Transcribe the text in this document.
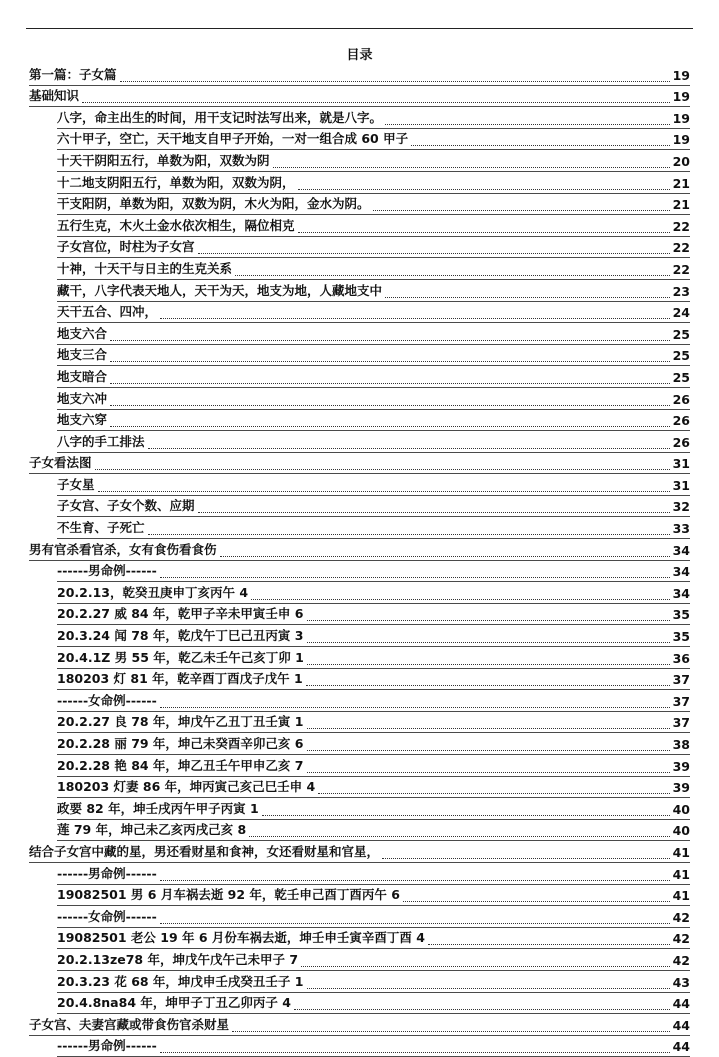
目录
第一篇：子女篇	19
基础知识	19
八字，命主出生的时间，用干支记时法写出来，就是八字。	19
六十甲子，空亡，天干地支自甲子开始，一对一组合成 60 甲子	19
十天干阴阳五行，单数为阳，双数为阴	20
十二地支阴阳五行，单数为阳，双数为阴，	21
干支阳阴，单数为阳，双数为阴，木火为阳，金水为阴。	21
五行生克，木火土金水依次相生，隔位相克	22
子女宫位，时柱为子女宫	22
十神，十天干与日主的生克关系	22
藏干，八字代表天地人，天干为天，地支为地，人藏地支中	23
天干五合、四冲，	24
地支六合	25
地支三合	25
地支暗合	25
地支六冲	26
地支六穿	26
八字的手工排法	26
子女看法图	31
子女星	31
子女宫、子女个数、应期	32
不生育、子死亡	33
男有官杀看官杀，女有食伤看食伤	34
------男命例------	34
20.2.13，乾癸丑庚申丁亥丙午 4	34
20.2.27 威 84 年，乾甲子辛未甲寅壬申 6	35
20.3.24 闻 78 年，乾戊午丁巳己丑丙寅 3	35
20.4.1Z 男 55 年，乾乙未壬午己亥丁卯 1	36
180203 灯 81 年，乾辛酉丁酉戊子戊午 1	37
------女命例------	37
20.2.27 良 78 年，坤戊午乙丑丁丑壬寅 1	37
20.2.28 丽 79 年，坤己未癸酉辛卯己亥 6	38
20.2.28 艳 84 年，坤乙丑壬午甲申乙亥 7	39
180203 灯妻 86 年，坤丙寅己亥己巳壬申 4	39
政要 82 年，坤壬戌丙午甲子丙寅 1	40
莲 79 年，坤己未乙亥丙戌己亥 8	40
结合子女宫中藏的星，男还看财星和食神，女还看财星和官星，	41
------男命例------	41
19082501 男 6 月车祸去逝 92 年，乾壬申己酉丁酉丙午 6	41
------女命例------	42
19082501 老公 19 年 6 月份车祸去逝，坤壬申壬寅辛酉丁酉 4	42
20.2.13ze78 年，坤戊午戊午己未甲子 7	42
20.3.23 花 68 年，坤戊申壬戌癸丑壬子 1	43
20.4.8na84 年，坤甲子丁丑乙卯丙子 4	44
子女宫、夫妻宫藏或带食伤官杀财星	44
------男命例------	44
